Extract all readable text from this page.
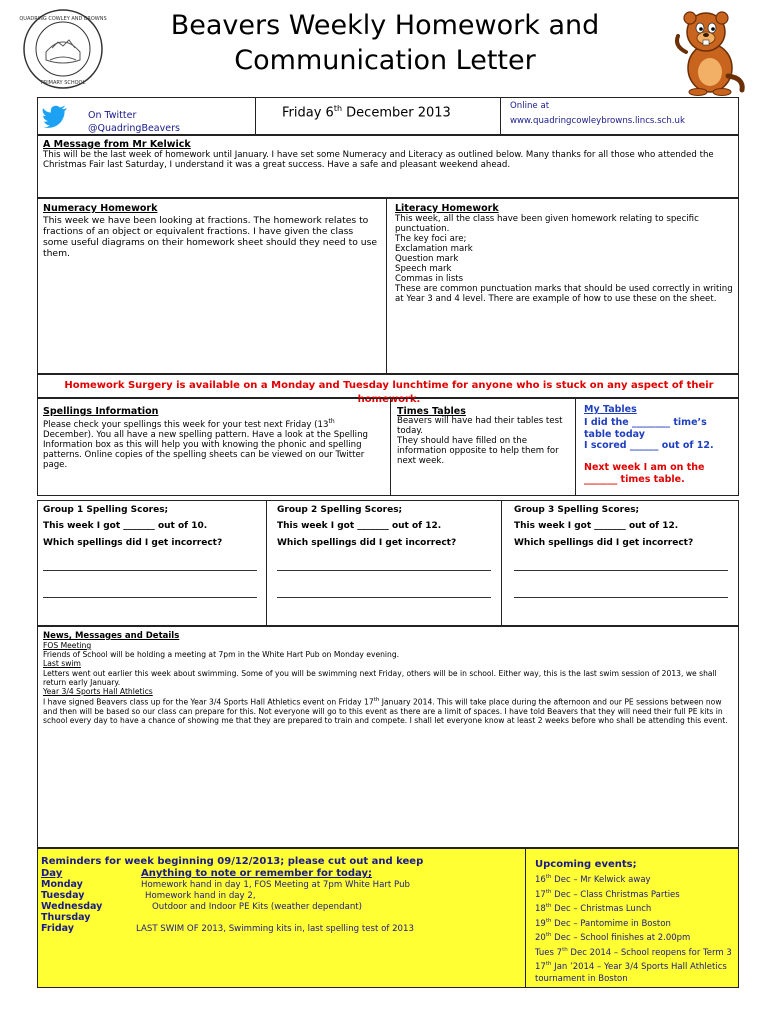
QUADRING COWLEY AND BROWNS
PRIMARY SCHOOL
Beavers Weekly Homework and
Communication Letter
On Twitter
@QuadringBeavers
Friday 6th December 2013	Online at
www.quadringcowleybrowns.lincs.sch.uk
A Message from Mr Kelwick
This will be the last week of homework until January. I have set some Numeracy and Literacy as outlined below. Many thanks for all those who attended the Christmas Fair last Saturday, I understand it was a great success. Have a safe and pleasant weekend ahead.
Numeracy Homework
This week we have been looking at fractions. The homework relates to fractions of an object or equivalent fractions. I have given the class some useful diagrams on their homework sheet should they need to use them.
Literacy Homework
This week, all the class have been given homework relating to specific punctuation.
The key foci are;
Exclamation mark
Question mark
Speech mark
Commas in lists
These are common punctuation marks that should be used correctly in writing at Year 3 and 4 level. There are example of how to use these on the sheet.
Homework Surgery is available on a Monday and Tuesday lunchtime for anyone who is stuck on any aspect of their homework.
Spellings Information
Please check your spellings this week for your test next Friday (13th December). You all have a new spelling pattern. Have a look at the Spelling Information box as this will help you with knowing the phonic and spelling patterns. Online copies of the spelling sheets can be viewed on our Twitter page.
Times Tables
Beavers will have had their tables test today.
They should have filled on the information opposite to help them for next week.
My Tables
I did the ________ time’s table today
I scored ______ out of 12.
Next week I am on the _______ times table.
Group 1 Spelling Scores;
This week I got _______ out of 10.
Which spellings did I get incorrect?
Group 2 Spelling Scores;
This week I got _______ out of 12.
Which spellings did I get incorrect?
Group 3 Spelling Scores;
This week I got _______ out of 12.
Which spellings did I get incorrect?
News, Messages and Details
FOS Meeting
Friends of School will be holding a meeting at 7pm in the White Hart Pub on Monday evening.
Last swim
Letters went out earlier this week about swimming. Some of you will be swimming next Friday, others will be in school. Either way, this is the last swim session of 2013, we shall return early January.
Year 3/4 Sports Hall Athletics
I have signed Beavers class up for the Year 3/4 Sports Hall Athletics event on Friday 17th January 2014. This will take place during the afternoon and our PE sessions between now and then will be based so our class can prepare for this. Not everyone will go to this event as there are a limit of spaces. I have told Beavers that they will need their full PE kits in school every day to have a chance of showing me that they are prepared to train and compete. I shall let everyone know at least 2 weeks before who shall be attending this event.
Reminders for week beginning 09/12/2013; please cut out and keep
Day	Anything to note or remember for today;
Monday	Homework hand in day 1, FOS Meeting at 7pm White Hart Pub
Tuesday	Homework hand in day 2,
Wednesday	Outdoor and Indoor PE Kits (weather dependant)
Thursday
Friday	LAST SWIM OF 2013, Swimming kits in, last spelling test of 2013
Upcoming events;
16th Dec – Mr Kelwick away
17th Dec – Class Christmas Parties
18th Dec – Christmas Lunch
19th Dec – Pantomime in Boston
20th Dec – School finishes at 2.00pm
Tues 7th Dec 2014 – School reopens for Term 3
17th Jan ’2014 – Year 3/4 Sports Hall Athletics tournament in Boston
